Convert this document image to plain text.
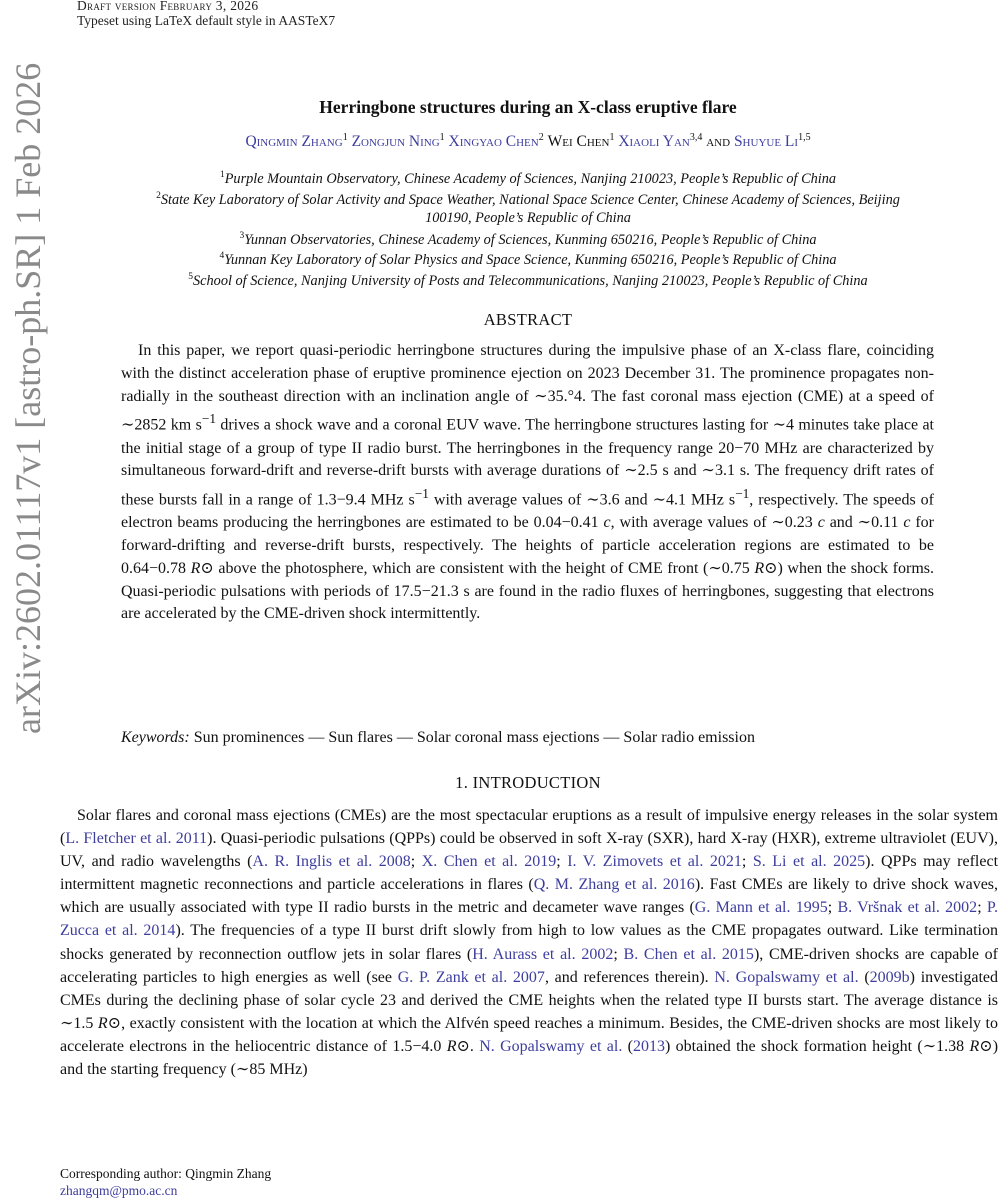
Draft version February 3, 2026
Typeset using LaTeX default style in AASTeX7
arXiv:2602.01117v1 [astro-ph.SR] 1 Feb 2026	Herringbone structures during an X-class eruptive flare
Qingmin Zhang$^1$ Zongjun Ning$^1$ Xingyao Chen$^2$ Wei Chen$^1$ Xiaoli Yan$^{3,4}$ and Shuyue Li$^{1,5}$
$^1$Purple Mountain Observatory, Chinese Academy of Sciences, Nanjing 210023, People’s Republic of China
$^2$State Key Laboratory of Solar Activity and Space Weather, National Space Science Center, Chinese Academy of Sciences, Beijing
100190, People’s Republic of China
$^3$Yunnan Observatories, Chinese Academy of Sciences, Kunming 650216, People’s Republic of China
$^4$Yunnan Key Laboratory of Solar Physics and Space Science, Kunming 650216, People’s Republic of China
$^5$School of Science, Nanjing University of Posts and Telecommunications, Nanjing 210023, People’s Republic of China
ABSTRACT

In this paper, we report quasi-periodic herringbone structures during the impulsive phase of an X-class flare, coinciding with the distinct acceleration phase of eruptive prominence ejection on 2023 December 31. The prominence propagates non-radially in the southeast direction with an inclination angle of ∼35.°4. The fast coronal mass ejection (CME) at a speed of ∼2852 km $s^{-1}$ drives a shock wave and a coronal EUV wave. The herringbone structures lasting for ∼4 minutes take place at the initial stage of a group of type II radio burst. The herringbones in the frequency range 20−70 MHz are characterized by simultaneous forward-drift and reverse-drift bursts with average durations of ∼2.5 s and ∼3.1 s. The frequency drift rates of these bursts fall in a range of 1.3−9.4 MHz $s^{-1}$ with average values of ∼3.6 and ∼4.1 MHz $s^{-1}$, respectively. The speeds of electron beams producing the herringbones are estimated to be 0.04−0.41 c, with average values of ∼0.23 c and ∼0.11 c for forward-drifting and reverse-drift bursts, respectively. The heights of particle acceleration regions are estimated to be 0.64−0.78 R⊙ above the photosphere, which are consistent with the height of CME front (∼0.75 R⊙) when the shock forms. Quasi-periodic pulsations with periods of 17.5−21.3 s are found in the radio fluxes of herringbones, suggesting that electrons are accelerated by the CME-driven shock intermittently.

Keywords: Sun prominences — Sun flares — Solar coronal mass ejections — Solar radio emission
1. INTRODUCTION

Solar flares and coronal mass ejections (CMEs) are the most spectacular eruptions as a result of impulsive energy releases in the solar system (L. Fletcher et al. 2011). Quasi-periodic pulsations (QPPs) could be observed in soft X-ray (SXR), hard X-ray (HXR), extreme ultraviolet (EUV), UV, and radio wavelengths (A. R. Inglis et al. 2008; X. Chen et al. 2019; I. V. Zimovets et al. 2021; S. Li et al. 2025). QPPs may reflect intermittent magnetic reconnections and particle accelerations in flares (Q. M. Zhang et al. 2016). Fast CMEs are likely to drive shock waves, which are usually associated with type II radio bursts in the metric and decameter wave ranges (G. Mann et al. 1995; B. Vršnak et al. 2002; P. Zucca et al. 2014). The frequencies of a type II burst drift slowly from high to low values as the CME propagates outward. Like termination shocks generated by reconnection outflow jets in solar flares (H. Aurass et al. 2002; B. Chen et al. 2015), CME-driven shocks are capable of accelerating particles to high energies as well (see G. P. Zank et al. 2007, and references therein). N. Gopalswamy et al. (2009b) investigated CMEs during the declining phase of solar cycle 23 and derived the CME heights when the related type II bursts start. The average distance is ∼1.5 R⊙, exactly consistent with the location at which the Alfvén speed reaches a minimum. Besides, the CME-driven shocks are most likely to accelerate electrons in the heliocentric distance of 1.5−4.0 R⊙. N. Gopalswamy et al. (2013) obtained the shock formation height (∼1.38 R⊙) and the starting frequency (∼85 MHz)

Corresponding author: Qingmin Zhang
zhangqm@pmo.ac.cn
